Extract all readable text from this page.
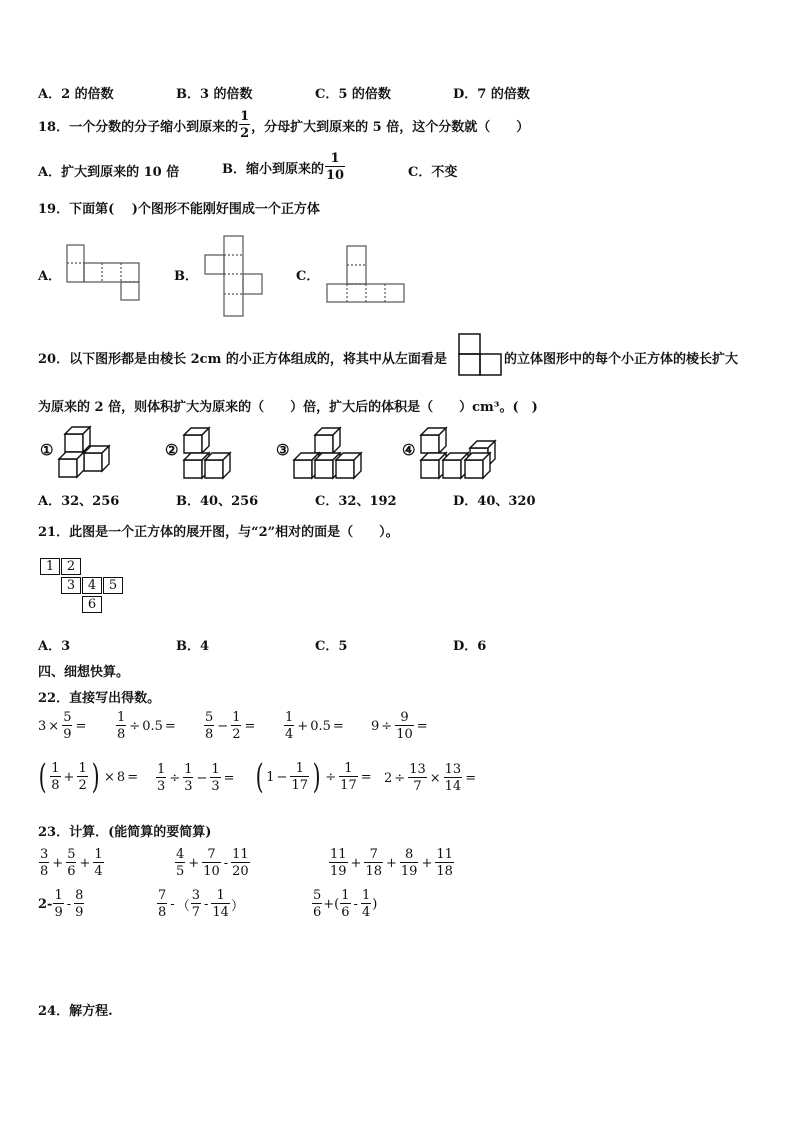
A．2 的倍数	B．3 的倍数	C．5 的倍数	D．7 的倍数
18．一个分数的分子缩小到原来的 $\frac{1}{2}$ ，分母扩大到原来的 5 倍，这个分数就（　　）
A．扩大到原来的 10 倍	B．缩小到原来的 $\frac{1}{10}$	C．不变
19．下面第(　 )个图形不能刚好围成一个正方体
A．	B．	C．
20．以下图形都是由棱长 2cm 的小正方体组成的，将其中从左面看是	的立体图形中的每个小正方体的棱长扩大
为原来的 2 倍，则体积扩大为原来的（　　）倍，扩大后的体积是（　　）cm³。(　)
①	②	③	④
A．32、256	B．40、256	C．32、192	D．40、320
21．此图是一个正方体的展开图，与“2”相对的面是（　　）。
1 2
3 4 5
6
A．3	B．4	C．5	D．6
四、细想快算。
22．直接写出得数。
$3 \times \frac{5}{9} = \frac{1}{8} \div 0.5 = \frac{5}{8} - \frac{1}{2} = \frac{1}{4} + 0.5 = 9 \div \frac{9}{10}$ =
( $\frac{1}{8} + \frac{1}{2}$ ) × $8 = \frac{1}{3} \div \frac{1}{3} - \frac{1}{3}$ = ( $1 - \frac{1}{17}$ ) ÷ $\frac{1}{17} = 2 \div \frac{13}{7} \times \frac{13}{14}$ =
23．计算．(能简算的要简算)
$\frac{3}{8} + \frac{5}{6} + \frac{1}{4}$	$\frac{4}{5} + \frac{7}{10} - \frac{11}{20}$	$\frac{11}{19} + \frac{7}{18} + \frac{8}{19} + \frac{11}{18}$
$2- \frac{1}{9} - \frac{8}{9}$	$\frac{7}{8}$ - （ $\frac{3}{7} - \frac{1}{14}$ ）	$\frac{5}{6}$ +( $\frac{1}{6} - \frac{1}{4}$ )
24．解方程.
